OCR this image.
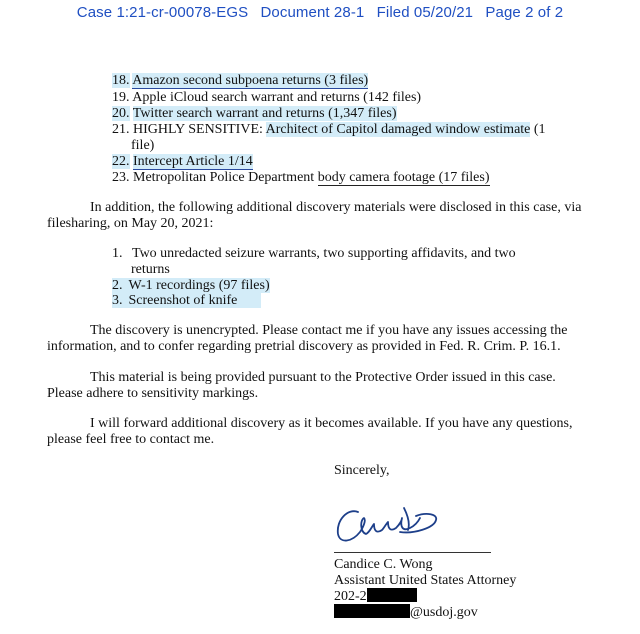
Case 1:21-cr-00078-EGS Document 28-1 Filed 05/20/21 Page 2 of 2
18. Amazon second subpoena returns (3 files)
19. Apple iCloud search warrant and returns (142 files)
20. Twitter search warrant and returns (1,347 files)
21. HIGHLY SENSITIVE: Architect of Capitol damaged window estimate (1
file)
22. Intercept Article 1/14
23. Metropolitan Police Department body camera footage (17 files)
In addition, the following additional discovery materials were disclosed in this case, via
filesharing, on May 20, 2021:
1. Two unredacted seizure warrants, two supporting affidavits, and two
returns
2. W-1 recordings (97 files)
3. Screenshot of knife
The discovery is unencrypted. Please contact me if you have any issues accessing the
information, and to confer regarding pretrial discovery as provided in Fed. R. Crim. P. 16.1.
This material is being provided pursuant to the Protective Order issued in this case.
Please adhere to sensitivity markings.
I will forward additional discovery as it becomes available. If you have any questions,
please feel free to contact me.
Sincerely,
Candice C. Wong
Assistant United States Attorney
202-2
@usdoj.gov
